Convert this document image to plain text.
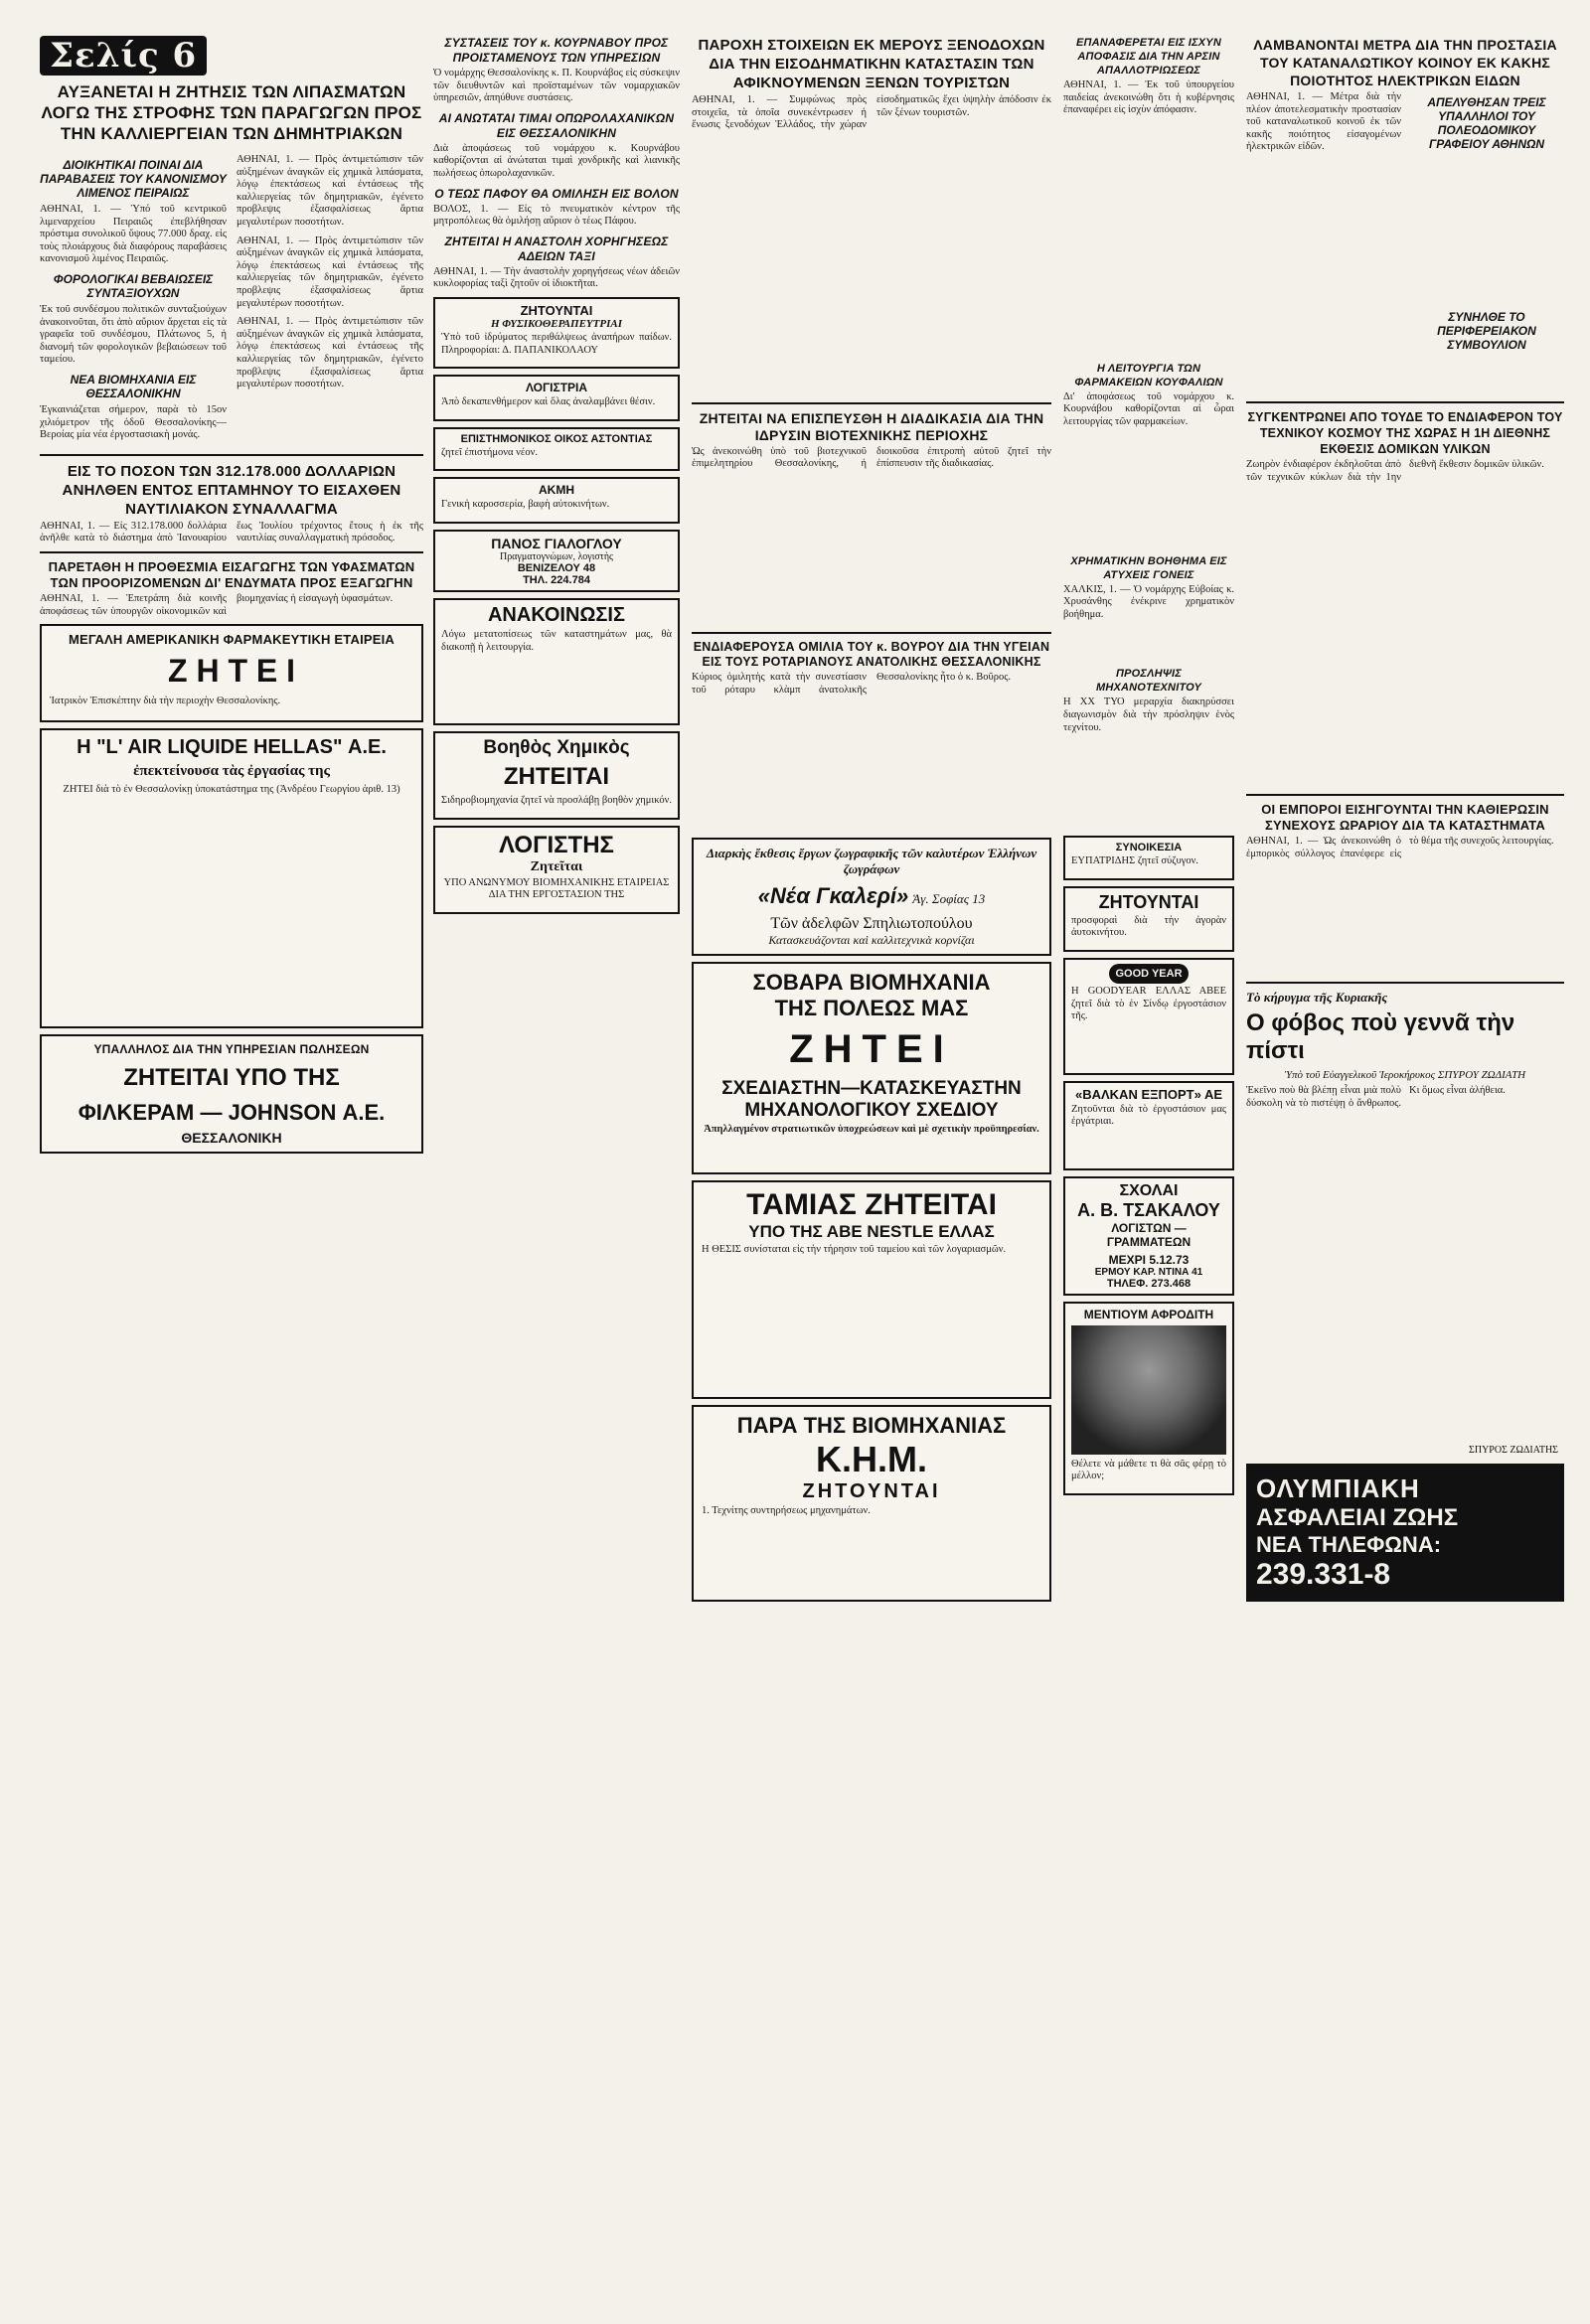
Σελίς 6
ΑΥΞΑΝΕΤΑΙ Η ΖΗΤΗΣΙΣ ΤΩΝ ΛΙΠΑΣΜΑΤΩΝ ΛΟΓΩ ΤΗΣ ΣΤΡΟΦΗΣ ΤΩΝ ΠΑΡΑΓΩΓΩΝ ΠΡΟΣ ΤΗΝ ΚΑΛΛΙΕΡΓΕΙΑΝ ΤΩΝ ΔΗΜΗΤΡΙΑΚΩΝ
ΔΙΟΙΚΗΤΙΚΑΙ ΠΟΙΝΑΙ ΔΙΑ ΠΑΡΑΒΑΣΕΙΣ ΤΟΥ ΚΑΝΟΝΙΣΜΟΥ ΛΙΜΕΝΟΣ ΠΕΙΡΑΙΩΣ

ΑΘΗΝΑΙ, 1. — Ὑπό τοῦ κεντρικοῦ λιμεναρχείου Πειραιῶς ἐπεβλήθησαν πρόστιμα συνολικοῦ ὕψους 77.000 δραχ. εἰς τοὺς πλοιάρχους διὰ διαφόρους παραβάσεις κανονισμοῦ λιμένος Πειραιῶς.

ΦΟΡΟΛΟΓΙΚΑΙ ΒΕΒΑΙΩΣΕΙΣ ΣΥΝΤΑΞΙΟΥΧΩΝ

Ἐκ τοῦ συνδέσμου πολιτικῶν συνταξιούχων ἀνακοινοῦται, ὅτι ἀπὸ αὔριον ἄρχεται εἰς τὰ γραφεῖα τοῦ συνδέσμου, Πλάτωνος 5, ἡ διανομή τῶν φορολογικῶν βεβαιώσεων τοῦ ταμείου.

ΝΕΑ ΒΙΟΜΗΧΑΝΙΑ ΕΙΣ ΘΕΣΣΑΛΟΝΙΚΗΝ

Ἐγκαινιάζεται σήμερον, παρὰ τὸ 15ον χιλιόμετρον τῆς ὁδοῦ Θεσσαλονίκης—Βεροίας μία νέα ἐργοστασιακὴ μονάς.

ΑΘΗΝΑΙ, 1. — Πρὸς ἀντιμετώπισιν τῶν αὐξημένων ἀναγκῶν εἰς χημικὰ λιπάσματα, λόγῳ ἐπεκτάσεως καὶ ἐντάσεως τῆς καλλιεργείας τῶν δημητριακῶν, ἐγένετο προβλεψις ἐξασφαλίσεως ἄρτια μεγαλυτέρων ποσοτήτων.

ΑΘΗΝΑΙ, 1. — Πρὸς ἀντιμετώπισιν τῶν αὐξημένων ἀναγκῶν εἰς χημικὰ λιπάσματα, λόγῳ ἐπεκτάσεως καὶ ἐντάσεως τῆς καλλιεργείας τῶν δημητριακῶν, ἐγένετο προβλεψις ἐξασφαλίσεως ἄρτια μεγαλυτέρων ποσοτήτων.

ΑΘΗΝΑΙ, 1. — Πρὸς ἀντιμετώπισιν τῶν αὐξημένων ἀναγκῶν εἰς χημικὰ λιπάσματα, λόγῳ ἐπεκτάσεως καὶ ἐντάσεως τῆς καλλιεργείας τῶν δημητριακῶν, ἐγένετο προβλεψις ἐξασφαλίσεως ἄρτια μεγαλυτέρων ποσοτήτων.

ΕΙΣ ΤΟ ΠΟΣΟΝ ΤΩΝ 312.178.000 ΔΟΛΛΑΡΙΩΝ ΑΝΗΛΘΕΝ ΕΝΤΟΣ ΕΠΤΑΜΗΝΟΥ ΤΟ ΕΙΣΑΧΘΕΝ ΝΑΥΤΙΛΙΑΚΟΝ ΣΥΝΑΛΛΑΓΜΑ

ΑΘΗΝΑΙ, 1. — Εἰς 312.178.000 δολλάρια ἀνῆλθε κατὰ τὸ διάστημα ἀπὸ Ἰανουαρίου ἕως Ἰουλίου τρέχοντος ἔτους ἡ ἐκ τῆς ναυτιλίας συναλλαγματικὴ πρόσοδος.

ΠΑΡΕΤΑΘΗ Η ΠΡΟΘΕΣΜΙΑ ΕΙΣΑΓΩΓΗΣ ΤΩΝ ΥΦΑΣΜΑΤΩΝ ΤΩΝ ΠΡΟΟΡΙΖΟΜΕΝΩΝ ΔΙ' ΕΝΔΥΜΑΤΑ ΠΡΟΣ ΕΞΑΓΩΓΗΝ

ΑΘΗΝΑΙ, 1. — Ἐπετράπη διὰ κοινῆς ἀποφάσεως τῶν ὑπουργῶν οἰκονομικῶν καὶ βιομηχανίας ἡ εἰσαγωγὴ ὑφασμάτων.

ΜΕΓΑΛΗ ΑΜΕΡΙΚΑΝΙΚΗ ΦΑΡΜΑΚΕΥΤΙΚΗ ΕΤΑΙΡΕΙΑ
Ζ Η Τ Ε Ι

Ἰατρικὸν Ἐπισκέπτην διὰ τὴν περιοχὴν Θεσσαλονίκης.

Η "L' AIR LIQUIDE HELLAS" Α.Ε.
ἐπεκτείνουσα τὰς ἐργασίας της

ΖΗΤΕΙ διὰ τὸ ἐν Θεσσαλονίκῃ ὑποκατάστημα της (Ἀνδρέου Γεωργίου ἀριθ. 13)

ΥΠΑΛΛΗΛΟΣ ΔΙΑ ΤΗΝ ΥΠΗΡΕΣΙΑΝ ΠΩΛΗΣΕΩΝ
ΖΗΤΕΙΤΑΙ ΥΠΟ ΤΗΣ
ΦΙΛΚΕΡΑΜ — JOHNSON Α.Ε.
ΘΕΣΣΑΛΟΝΙΚΗ
ΣΥΣΤΑΣΕΙΣ ΤΟΥ κ. ΚΟΥΡΝΑΒΟΥ ΠΡΟΣ ΠΡΟΙΣΤΑΜΕΝΟΥΣ ΤΩΝ ΥΠΗΡΕΣΙΩΝ

Ὁ νομάρχης Θεσσαλονίκης κ. Π. Κουρνάβος εἰς σύσκεψιν τῶν διευθυντῶν καὶ προϊσταμένων τῶν νομαρχιακῶν ὑπηρεσιῶν, ἀπηύθυνε συστάσεις.

ΑΙ ΑΝΩΤΑΤΑΙ ΤΙΜΑΙ ΟΠΩΡΟΛΑΧΑΝΙΚΩΝ ΕΙΣ ΘΕΣΣΑΛΟΝΙΚΗΝ

Διὰ ἀποφάσεως τοῦ νομάρχου κ. Κουρνάβου καθορίζονται αἱ ἀνώταται τιμαὶ χονδρικῆς καὶ λιανικῆς πωλήσεως ὀπωρολαχανικῶν.

Ο ΤΕΩΣ ΠΑΦΟΥ ΘΑ ΟΜΙΛΗΣΗ ΕΙΣ ΒΟΛΟΝ

ΒΟΛΟΣ, 1. — Εἰς τὸ πνευματικὸν κέντρον τῆς μητροπόλεως θὰ ὁμιλήσῃ αὔριον ὁ τέως Πάφου.

ΖΗΤΕΙΤΑΙ Η ΑΝΑΣΤΟΛΗ ΧΟΡΗΓΗΣΕΩΣ ΑΔΕΙΩΝ ΤΑΞΙ

ΑΘΗΝΑΙ, 1. — Τὴν ἀναστολὴν χορηγήσεως νέων ἀδειῶν κυκλοφορίας ταξὶ ζητοῦν οἱ ἰδιοκτῆται.

ΖΗΤΟΥΝΤΑΙ
Η ΦΥΣΙΚΟΘΕΡΑΠΕΥΤΡΙΑΙ

Ὑπὸ τοῦ ἰδρύματος περιθάλψεως ἀναπήρων παίδων. Πληροφορίαι: Δ. ΠΑΠΑΝΙΚΟΛΑΟΥ

ΛΟΓΙΣΤΡΙΑ

Ἀπὸ δεκαπενθήμερον καὶ ὄλας ἀναλαμβάνει θέσιν.

ΕΠΙΣΤΗΜΟΝΙΚΟΣ ΟΙΚΟΣ ΑΣΤΟΝΤΙΑΣ

ζητεῖ ἐπιστήμονα νέον.

ΑΚΜΗ

Γενικὴ καροσσερία, βαφὴ αὐτοκινήτων.

ΠΑΝΟΣ ΓΙΑΛΟΓΛΟΥ
Πραγματογνώμων, λογιστὴς
ΒΕΝΙΖΕΛΟΥ 48
ΤΗΛ. 224.784
ΑΝΑΚΟΙΝΩΣΙΣ

Λόγω μετατοπίσεως τῶν καταστημάτων μας, θὰ διακοπῇ ἡ λειτουργία.

Βοηθὸς Χημικὸς
ΖΗΤΕΙΤΑΙ

Σιδηροβιομηχανία ζητεῖ νὰ προσλάβῃ βοηθὸν χημικόν.

ΛΟΓΙΣΤΗΣ
Ζητεῖται

ΥΠΟ ΑΝΩΝΥΜΟΥ ΒΙΟΜΗΧΑΝΙΚΗΣ ΕΤΑΙΡΕΙΑΣ ΔΙΑ ΤΗΝ ΕΡΓΟΣΤΑΣΙΟΝ ΤΗΣ

ΠΑΡΟΧΗ ΣΤΟΙΧΕΙΩΝ ΕΚ ΜΕΡΟΥΣ ΞΕΝΟΔΟΧΩΝ ΔΙΑ ΤΗΝ ΕΙΣΟΔΗΜΑΤΙΚΗΝ ΚΑΤΑΣΤΑΣΙΝ ΤΩΝ ΑΦΙΚΝΟΥΜΕΝΩΝ ΞΕΝΩΝ ΤΟΥΡΙΣΤΩΝ

ΑΘΗΝΑΙ, 1. — Συμφώνως πρὸς στοιχεῖα, τὰ ὁποῖα συνεκέντρωσεν ἡ ἕνωσις ξενοδόχων Ἑλλάδος, τὴν χώραν εἰσοδηματικῶς ἔχει ὑψηλὴν ἀπόδοσιν ἐκ τῶν ξένων τουριστῶν.

ΖΗΤΕΙΤΑΙ ΝΑ ΕΠΙΣΠΕΥΣΘΗ Η ΔΙΑΔΙΚΑΣΙΑ ΔΙΑ ΤΗΝ ΙΔΡΥΣΙΝ ΒΙΟΤΕΧΝΙΚΗΣ ΠΕΡΙΟΧΗΣ

Ὡς ἀνεκοινώθη ὑπὸ τοῦ βιοτεχνικοῦ ἐπιμελητηρίου Θεσσαλονίκης, ἡ διοικοῦσα ἐπιτροπὴ αὐτοῦ ζητεῖ τὴν ἐπίσπευσιν τῆς διαδικασίας.

ΕΝΔΙΑΦΕΡΟΥΣΑ ΟΜΙΛΙΑ ΤΟΥ κ. ΒΟΥΡΟΥ ΔΙΑ ΤΗΝ ΥΓΕΙΑΝ ΕΙΣ ΤΟΥΣ ΡΟΤΑΡΙΑΝΟΥΣ ΑΝΑΤΟΛΙΚΗΣ ΘΕΣΣΑΛΟΝΙΚΗΣ

Κύριος ὁμιλητὴς κατὰ τὴν συνεστίασιν τοῦ ρόταρυ κλὰμπ ἀνατολικῆς Θεσσαλονίκης ἦτο ὁ κ. Βοῦρος.

Διαρκὴς ἔκθεσις ἔργων ζωγραφικῆς τῶν καλυτέρων Ἑλλήνων ζωγράφων
«Νέα Γκαλερί» Ἁγ. Σοφίας 13
Τῶν ἀδελφῶν Σπηλιωτοπούλου
Κατασκευάζονται καὶ καλλιτεχνικὰ κορνίζαι
ΣΟΒΑΡΑ ΒΙΟΜΗΧΑΝΙΑ
ΤΗΣ ΠΟΛΕΩΣ ΜΑΣ
ΖΗΤΕΙ
ΣΧΕΔΙΑΣΤΗΝ—ΚΑΤΑΣΚΕΥΑΣΤΗΝ
ΜΗΧΑΝΟΛΟΓΙΚΟΥ ΣΧΕΔΙΟΥ

Ἀπηλλαγμένον στρατιωτικῶν ὑποχρεώσεων καὶ μὲ σχετικὴν προϋπηρεσίαν.

ΤΑΜΙΑΣ ΖΗΤΕΙΤΑΙ
ΥΠΟ ΤΗΣ ΑΒΕ NESTLE ΕΛΛΑΣ

Η ΘΕΣΙΣ συνίσταται εἰς τὴν τήρησιν τοῦ ταμείου καὶ τῶν λογαριασμῶν.

ΠΑΡΑ ΤΗΣ ΒΙΟΜΗΧΑΝΙΑΣ
Κ.Η.Μ.
ΖΗΤΟΥΝΤΑΙ

1. Τεχνίτης συντηρήσεως μηχανημάτων.

ΕΠΑΝΑΦΕΡΕΤΑΙ ΕΙΣ ΙΣΧΥΝ ΑΠΟΦΑΣΙΣ ΔΙΑ ΤΗΝ ΑΡΣΙΝ ΑΠΑΛΛΟΤΡΙΩΣΕΩΣ

ΑΘΗΝΑΙ, 1. — Ἐκ τοῦ ὑπουργείου παιδείας ἀνεκοινώθη ὅτι ἡ κυβέρνησις ἐπαναφέρει εἰς ἰσχὺν ἀπόφασιν.

Η ΛΕΙΤΟΥΡΓΙΑ ΤΩΝ ΦΑΡΜΑΚΕΙΩΝ ΚΟΥΦΑΛΙΩΝ

Δι' ἀποφάσεως τοῦ νομάρχου κ. Κουρνάβου καθορίζονται αἱ ὧραι λειτουργίας τῶν φαρμακείων.

ΧΡΗΜΑΤΙΚΗΝ ΒΟΗΘΗΜΑ ΕΙΣ ΑΤΥΧΕΙΣ ΓΟΝΕΙΣ

ΧΑΛΚΙΣ, 1. — Ὁ νομάρχης Εὐβοίας κ. Χρυσάνθης ἐνέκρινε χρηματικὸν βοήθημα.

ΠΡΟΣΛΗΨΙΣ ΜΗΧΑΝΟΤΕΧΝΙΤΟΥ

Η ΧΧ ΤΥΟ μεραρχία διακηρύσσει διαγωνισμὸν διὰ τὴν πρόσληψιν ἑνὸς τεχνίτου.

ΣΥΝΟΙΚΕΣΙΑ

ΕΥΠΑΤΡΙΔΗΣ ζητεῖ σύζυγον.

ΖΗΤΟΥΝΤΑΙ

προσφοραὶ διὰ τὴν ἀγορὰν ἀυτοκινήτου.

GOOD YEAR

Η GOODYEAR ΕΛΛΑΣ ΑΒΕΕ ζητεῖ διὰ τὸ ἐν Σίνδῳ ἐργοστάσιον τῆς.

«ΒΑΛΚΑΝ ΕΞΠΟΡΤ» ΑΕ

Ζητοῦνται διὰ τὸ ἐργοστάσιον μας ἐργάτριαι.

ΣΧΟΛΑΙ
Α. Β. ΤΣΑΚΑΛΟΥ
ΛΟΓΙΣΤΩΝ — ΓΡΑΜΜΑΤΕΩΝ
ΜΕΧΡΙ 5.12.73
ΕΡΜΟΥ ΚΑΡ. ΝΤΙΝΑ 41
ΤΗΛΕΦ. 273.468
ΜΕΝΤΙΟΥΜ ΑΦΡΟΔΙΤΗ

Θέλετε νὰ μάθετε τι θὰ σᾶς φέρῃ τὸ μέλλον;

ΛΑΜΒΑΝΟΝΤΑΙ ΜΕΤΡΑ ΔΙΑ ΤΗΝ ΠΡΟΣΤΑΣΙΑ ΤΟΥ ΚΑΤΑΝΑΛΩΤΙΚΟΥ ΚΟΙΝΟΥ ΕΚ ΚΑΚΗΣ ΠΟΙΟΤΗΤΟΣ ΗΛΕΚΤΡΙΚΩΝ ΕΙΔΩΝ

ΑΘΗΝΑΙ, 1. — Μέτρα διὰ τὴν πλέον ἀποτελεσματικὴν προστασίαν τοῦ καταναλωτικοῦ κοινοῦ ἐκ τῶν κακῆς ποιότητος εἰσαγομένων ἠλεκτρικῶν εἰδῶν.

ΑΠΕΛΥΘΗΣΑΝ ΤΡΕΙΣ ΥΠΑΛΛΗΛΟΙ ΤΟΥ ΠΟΛΕΟΔΟΜΙΚΟΥ ΓΡΑΦΕΙΟΥ ΑΘΗΝΩΝ
ΣΥΝΗΛΘΕ ΤΟ ΠΕΡΙΦΕΡΕΙΑΚΟΝ ΣΥΜΒΟΥΛΙΟΝ
ΣΥΓΚΕΝΤΡΩΝΕΙ ΑΠΟ ΤΟΥΔΕ ΤΟ ΕΝΔΙΑΦΕΡΟΝ ΤΟΥ ΤΕΧΝΙΚΟΥ ΚΟΣΜΟΥ ΤΗΣ ΧΩΡΑΣ Η 1Η ΔΙΕΘΝΗΣ ΕΚΘΕΣΙΣ ΔΟΜΙΚΩΝ ΥΛΙΚΩΝ

Ζωηρὸν ἐνδιαφέρον ἐκδηλοῦται ἀπὸ τῶν τεχνικῶν κύκλων διὰ τὴν 1ην διεθνῆ ἔκθεσιν δομικῶν ὑλικῶν.

ΟΙ ΕΜΠΟΡΟΙ ΕΙΣΗΓΟΥΝΤΑΙ ΤΗΝ ΚΑΘΙΕΡΩΣΙΝ ΣΥΝΕΧΟΥΣ ΩΡΑΡΙΟΥ ΔΙΑ ΤΑ ΚΑΤΑΣΤΗΜΑΤΑ

ΑΘΗΝΑΙ, 1. — Ὡς ἀνεκοινώθη ὁ ἐμπορικὸς σύλλογος ἐπανέφερε εἰς τὸ θέμα τῆς συνεχοῦς λειτουργίας.

Τὸ κήρυγμα τῆς Κυριακῆς
Ο φόβος ποὺ γεννᾶ τὴν πίστι
Ὑπὸ τοῦ Εὐαγγελικοῦ Ἱεροκήρυκος ΣΠΥΡΟΥ ΖΩΔΙΑΤΗ

Ἐκεῖνο ποὺ θὰ βλέπῃ εἶναι μιὰ πολὺ δύσκολη νὰ τὸ πιστέψῃ ὁ ἄνθρωπος. Κι ὅμως εἶναι ἀλήθεια.

ΣΠΥΡΟΣ ΖΩΔΙΑΤΗΣ
ΟΛΥΜΠΙΑΚΗ
ΑΣΦΑΛΕΙΑΙ ΖΩΗΣ
ΝΕΑ ΤΗΛΕΦΩΝΑ:
239.331-8
